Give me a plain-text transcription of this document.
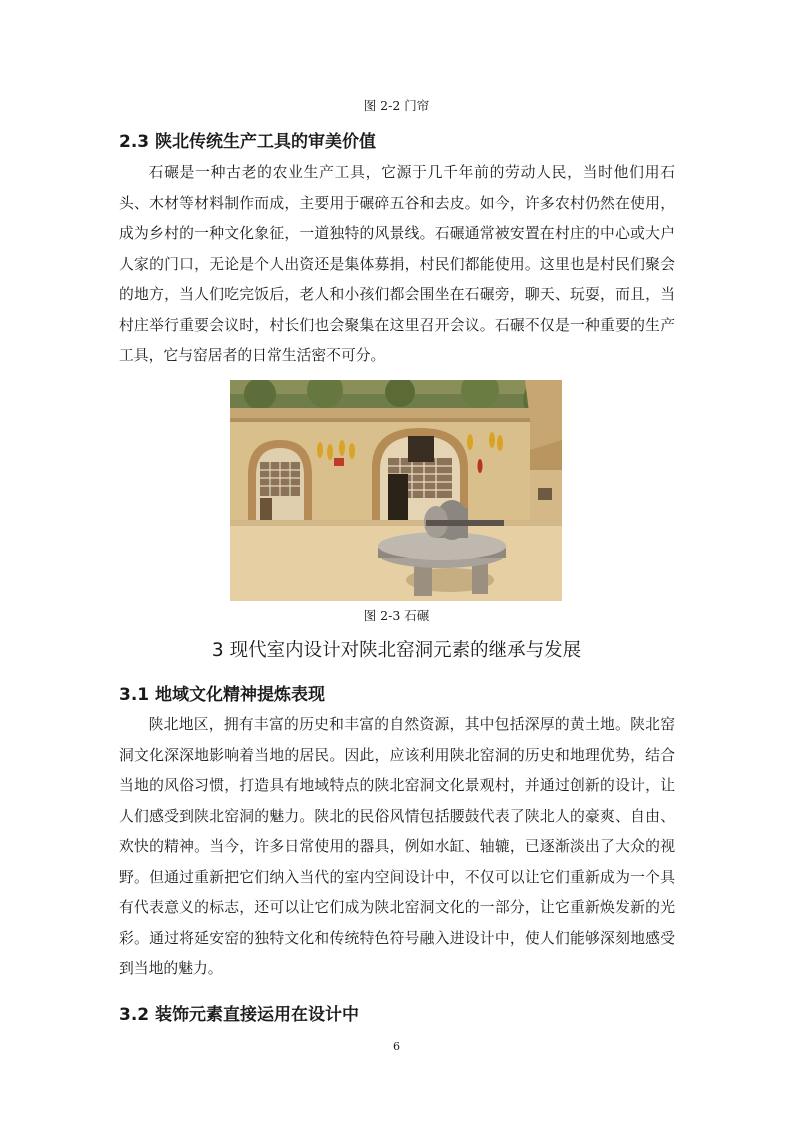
图 2-2 门帘
2.3 陕北传统生产工具的审美价值

石碾是一种古老的农业生产工具，它源于几千年前的劳动人民，当时他们用石头、木材等材料制作而成，主要用于碾碎五谷和去皮。如今，许多农村仍然在使用，成为乡村的一种文化象征，一道独特的风景线。石碾通常被安置在村庄的中心或大户人家的门口，无论是个人出资还是集体募捐，村民们都能使用。这里也是村民们聚会的地方，当人们吃完饭后，老人和小孩们都会围坐在石碾旁，聊天、玩耍，而且，当村庄举行重要会议时，村长们也会聚集在这里召开会议。石碾不仅是一种重要的生产工具，它与窑居者的日常生活密不可分。

图 2-3 石碾
3 现代室内设计对陕北窑洞元素的继承与发展
3.1 地域文化精神提炼表现

陕北地区，拥有丰富的历史和丰富的自然资源，其中包括深厚的黄土地。陕北窑洞文化深深地影响着当地的居民。因此，应该利用陕北窑洞的历史和地理优势，结合当地的风俗习惯，打造具有地域特点的陕北窑洞文化景观村，并通过创新的设计，让人们感受到陕北窑洞的魅力。陕北的民俗风情包括腰鼓代表了陕北人的豪爽、自由、欢快的精神。当今，许多日常使用的器具，例如水缸、轴辘，已逐渐淡出了大众的视野。但通过重新把它们纳入当代的室内空间设计中，不仅可以让它们重新成为一个具有代表意义的标志，还可以让它们成为陕北窑洞文化的一部分，让它重新焕发新的光彩。通过将延安窑的独特文化和传统特色符号融入进设计中，使人们能够深刻地感受到当地的魅力。

3.2 装饰元素直接运用在设计中
6
